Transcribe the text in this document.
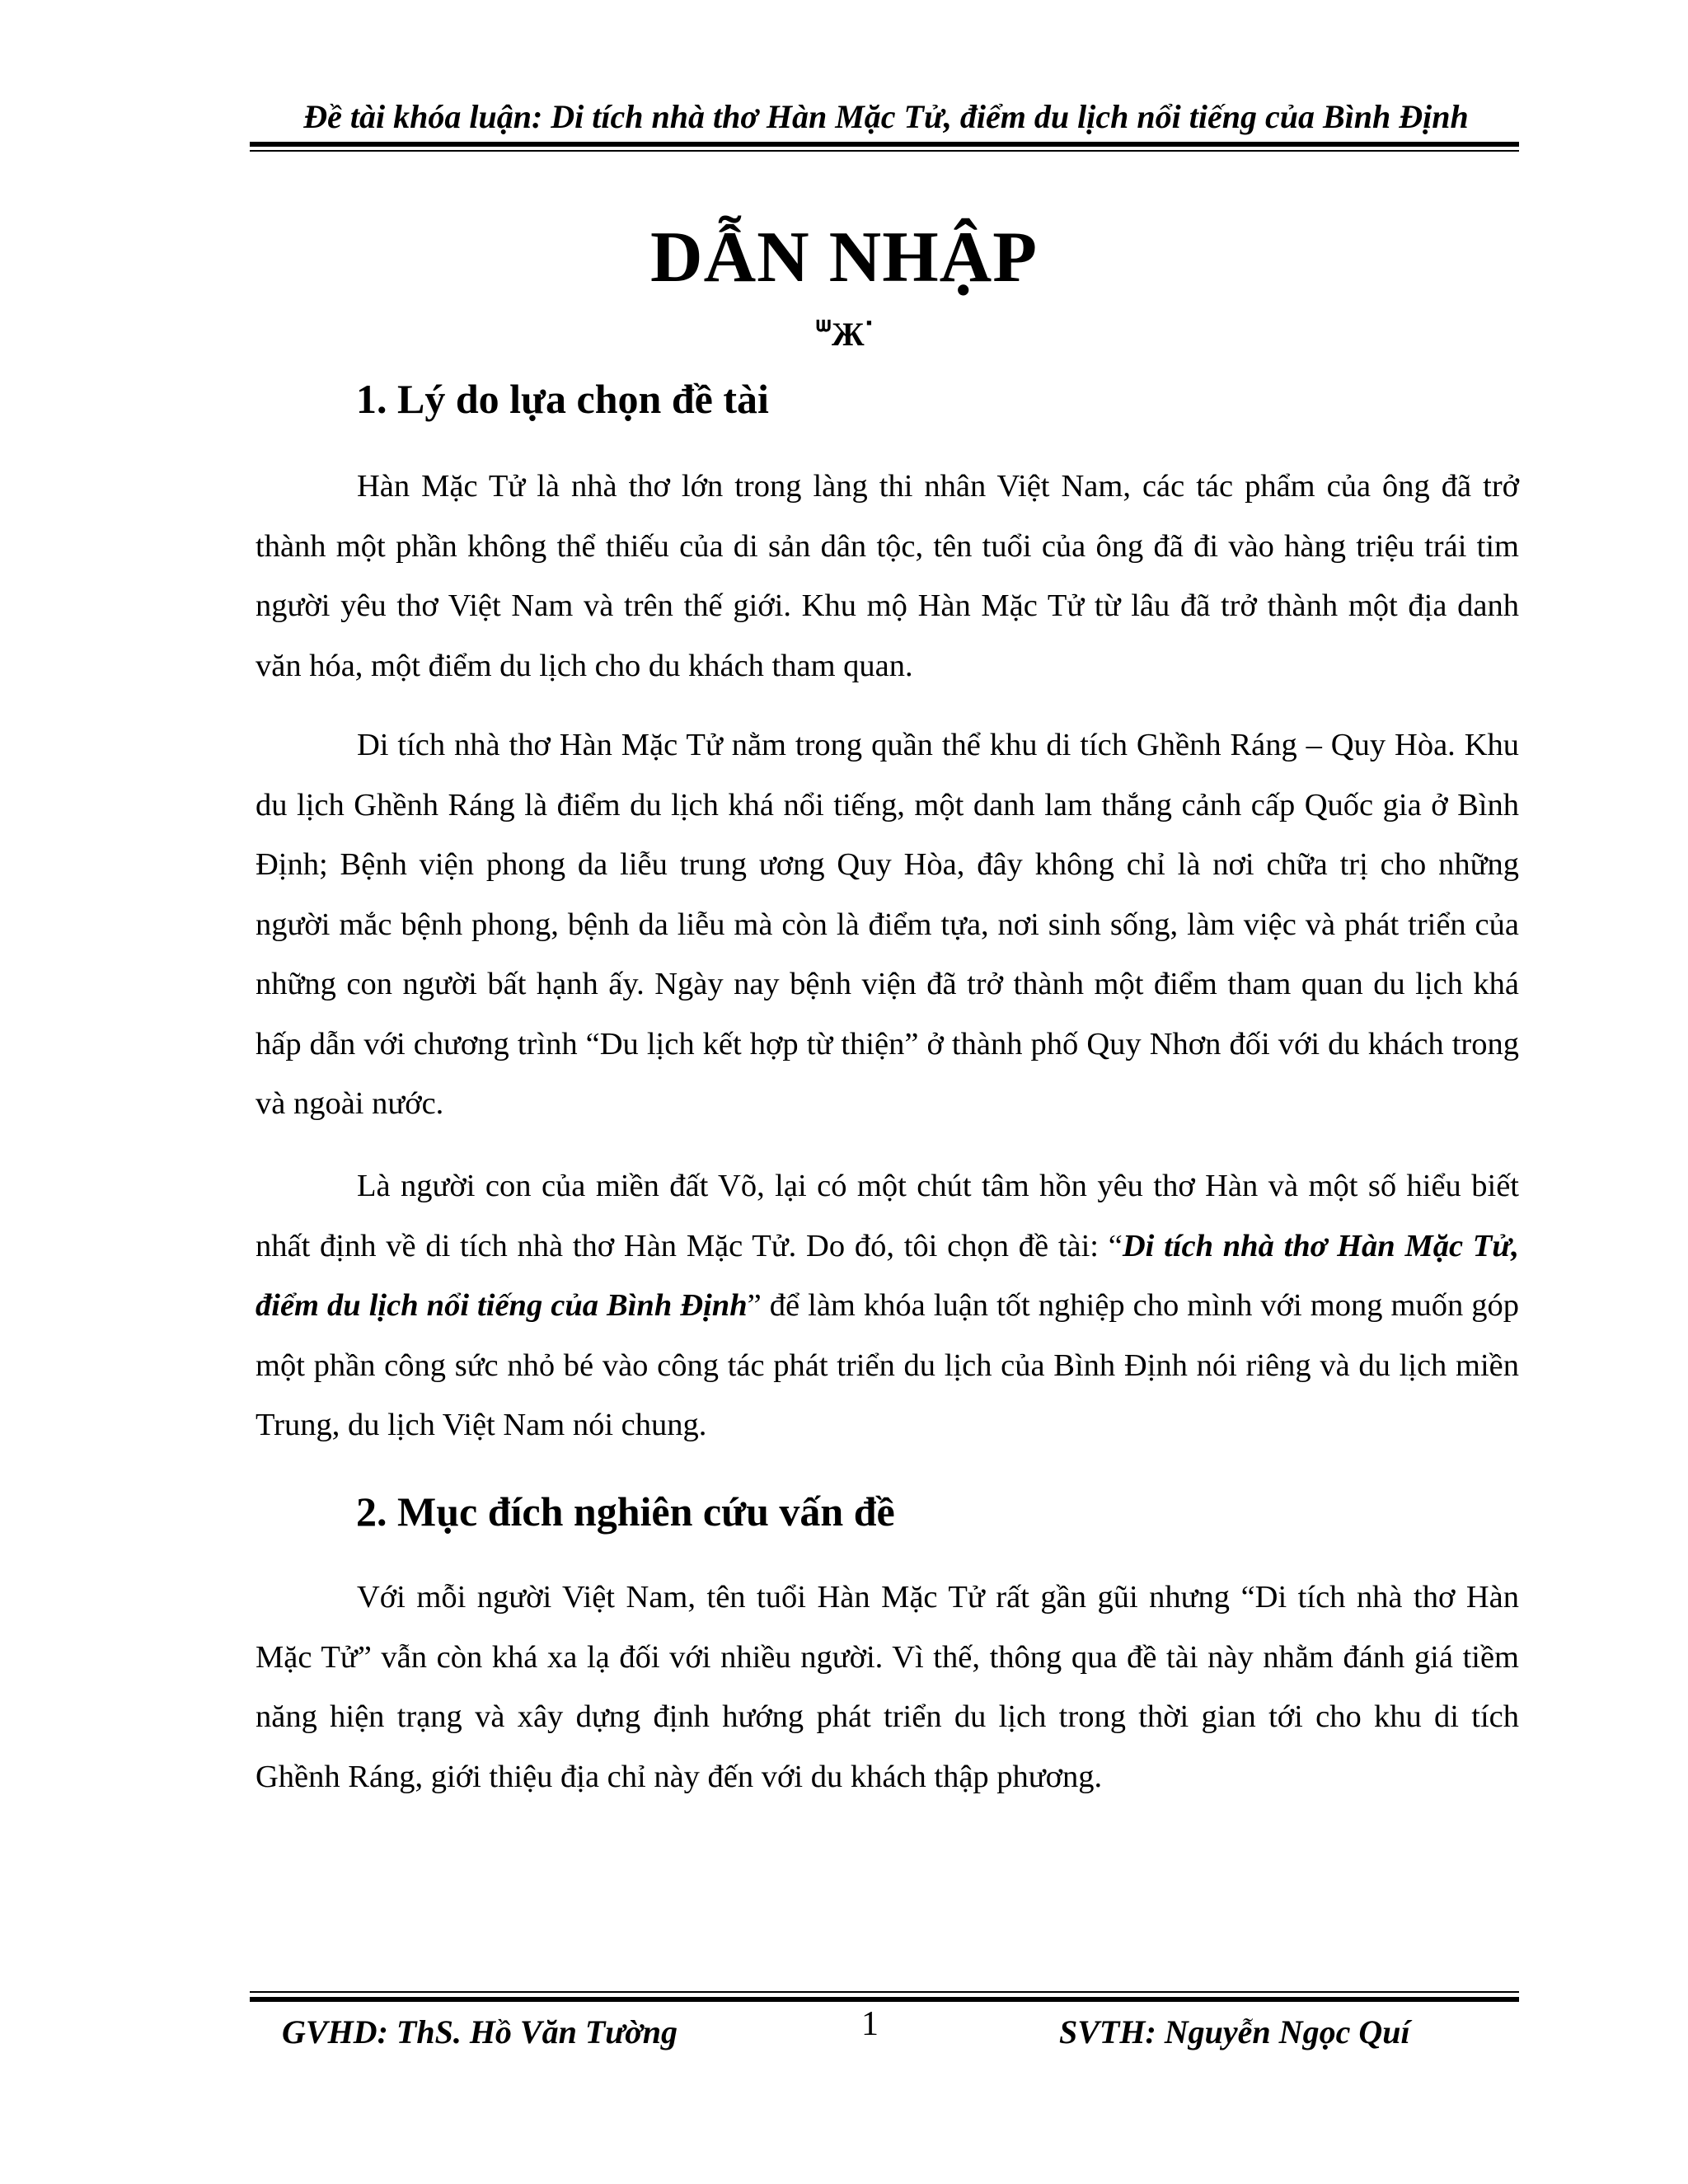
Đề tài khóa luận: Di tích nhà thơ Hàn Mặc Tử, điểm du lịch nổi tiếng của Bình Định
DẪN NHẬP
ᐜЖᐝ
1. Lý do lựa chọn đề tài
Hàn Mặc Tử là nhà thơ lớn trong làng thi nhân Việt Nam, các tác phẩm của ông đã trở thành một phần không thể thiếu của di sản dân tộc, tên tuổi của ông đã đi vào hàng triệu trái tim người yêu thơ Việt Nam và trên thế giới. Khu mộ Hàn Mặc Tử từ lâu đã trở thành một địa danh văn hóa, một điểm du lịch cho du khách tham quan.
Di tích nhà thơ Hàn Mặc Tử nằm trong quần thể khu di tích Ghềnh Ráng – Quy Hòa. Khu du lịch Ghềnh Ráng là điểm du lịch khá nổi tiếng, một danh lam thắng cảnh cấp Quốc gia ở Bình Định; Bệnh viện phong da liễu trung ương Quy Hòa, đây không chỉ là nơi chữa trị cho những người mắc bệnh phong, bệnh da liễu mà còn là điểm tựa, nơi sinh sống, làm việc và phát triển của những con người bất hạnh ấy. Ngày nay bệnh viện đã trở thành một điểm tham quan du lịch khá hấp dẫn với chương trình “Du lịch kết hợp từ thiện” ở thành phố Quy Nhơn đối với du khách trong và ngoài nước.
Là người con của miền đất Võ, lại có một chút tâm hồn yêu thơ Hàn và một số hiểu biết nhất định về di tích nhà thơ Hàn Mặc Tử. Do đó, tôi chọn đề tài: “Di tích nhà thơ Hàn Mặc Tử, điểm du lịch nổi tiếng của Bình Định” để làm khóa luận tốt nghiệp cho mình với mong muốn góp một phần công sức nhỏ bé vào công tác phát triển du lịch của Bình Định nói riêng và du lịch miền Trung, du lịch Việt Nam nói chung.
2. Mục đích nghiên cứu vấn đề
Với mỗi người Việt Nam, tên tuổi Hàn Mặc Tử rất gần gũi nhưng “Di tích nhà thơ Hàn Mặc Tử” vẫn còn khá xa lạ đối với nhiều người. Vì thế, thông qua đề tài này nhằm đánh giá tiềm năng hiện trạng và xây dựng định hướng phát triển du lịch trong thời gian tới cho khu di tích Ghềnh Ráng, giới thiệu địa chỉ này đến với du khách thập phương.
GVHD: ThS. Hồ Văn Tường	1	SVTH: Nguyễn Ngọc Quí
